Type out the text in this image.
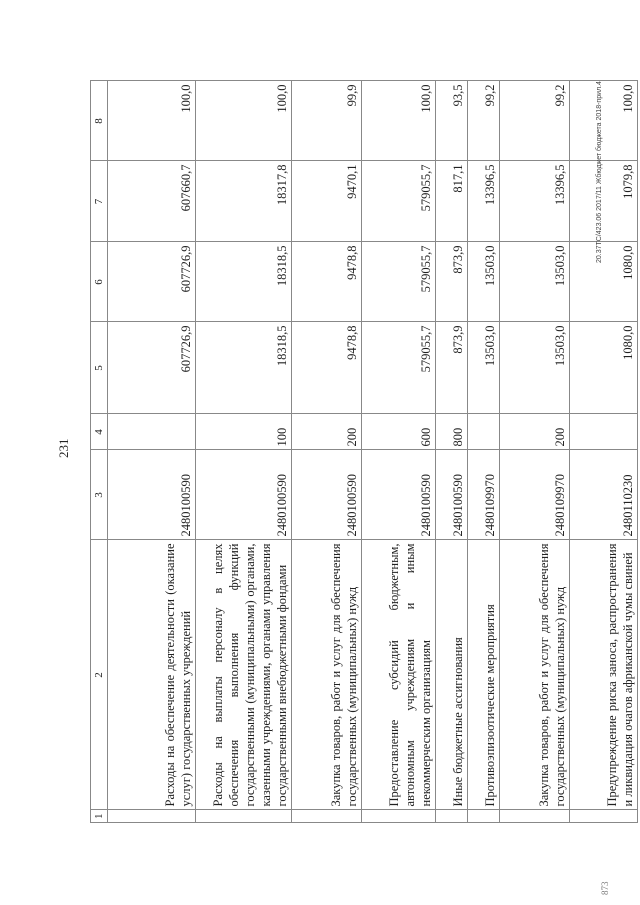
231
1	2	3	4	5	6	7	8
	Расходы на обеспечение деятельности (оказание услуг) государственных учреждений	2480100590		607726,9	607726,9	607660,7	100,0
	Расходы на выплаты персоналу в целях обеспечения выполнения функций государственными (муниципальными) органами, казенными учреждениями, органами управления государственными внебюджетными фондами	2480100590	100	18318,5	18318,5	18317,8	100,0
	Закупка товаров, работ и услуг для обеспечения государственных (муниципальных) нужд	2480100590	200	9478,8	9478,8	9470,1	99,9
	Предоставление субсидий бюджетным, автономным учреждениям и иным некоммерческим организациям	2480100590	600	579055,7	579055,7	579055,7	100,0
	Иные бюджетные ассигнования	2480100590	800	873,9	873,9	817,1	93,5
	Противоэпизоотические мероприятия	2480109970		13503,0	13503,0	13396,5	99,2
	Закупка товаров, работ и услуг для обеспечения государственных (муниципальных) нужд	2480109970	200	13503,0	13503,0	13396,5	99,2
	Предупреждение риска заноса, распространения и ликвидация очагов африканской чумы свиней	2480110230		1080,0	1080,0	1079,8	100,0
20.37ТС/423.06 2017/11 Жбюджет бюджета 2018-прил.4
873
